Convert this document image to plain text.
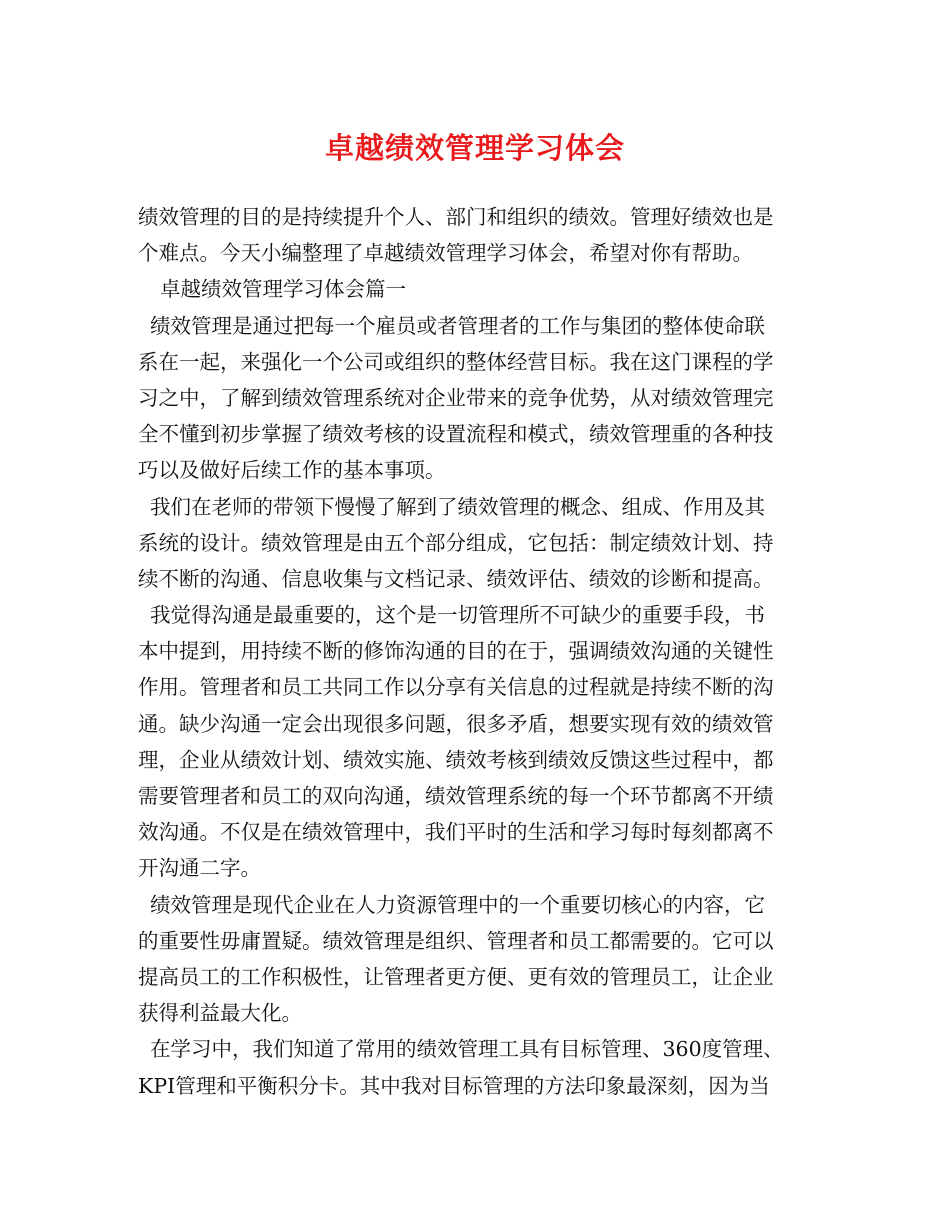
卓越绩效管理学习体会
绩效管理的目的是持续提升个人、部门和组织的绩效。管理好绩效也是
个难点。今天小编整理了卓越绩效管理学习体会，希望对你有帮助。
卓越绩效管理学习体会篇一
绩效管理是通过把每一个雇员或者管理者的工作与集团的整体使命联
系在一起，来强化一个公司或组织的整体经营目标。我在这门课程的学
习之中，了解到绩效管理系统对企业带来的竞争优势，从对绩效管理完
全不懂到初步掌握了绩效考核的设置流程和模式，绩效管理重的各种技
巧以及做好后续工作的基本事项。
我们在老师的带领下慢慢了解到了绩效管理的概念、组成、作用及其
系统的设计。绩效管理是由五个部分组成，它包括：制定绩效计划、持
续不断的沟通、信息收集与文档记录、绩效评估、绩效的诊断和提高。
我觉得沟通是最重要的，这个是一切管理所不可缺少的重要手段，书
本中提到，用持续不断的修饰沟通的目的在于，强调绩效沟通的关键性
作用。管理者和员工共同工作以分享有关信息的过程就是持续不断的沟
通。缺少沟通一定会出现很多问题，很多矛盾，想要实现有效的绩效管
理，企业从绩效计划、绩效实施、绩效考核到绩效反馈这些过程中，都
需要管理者和员工的双向沟通，绩效管理系统的每一个环节都离不开绩
效沟通。不仅是在绩效管理中，我们平时的生活和学习每时每刻都离不
开沟通二字。
绩效管理是现代企业在人力资源管理中的一个重要切核心的内容，它
的重要性毋庸置疑。绩效管理是组织、管理者和员工都需要的。它可以
提高员工的工作积极性，让管理者更方便、更有效的管理员工，让企业
获得利益最大化。
在学习中，我们知道了常用的绩效管理工具有目标管理、360度管理、
KPI管理和平衡积分卡。其中我对目标管理的方法印象最深刻，因为当
